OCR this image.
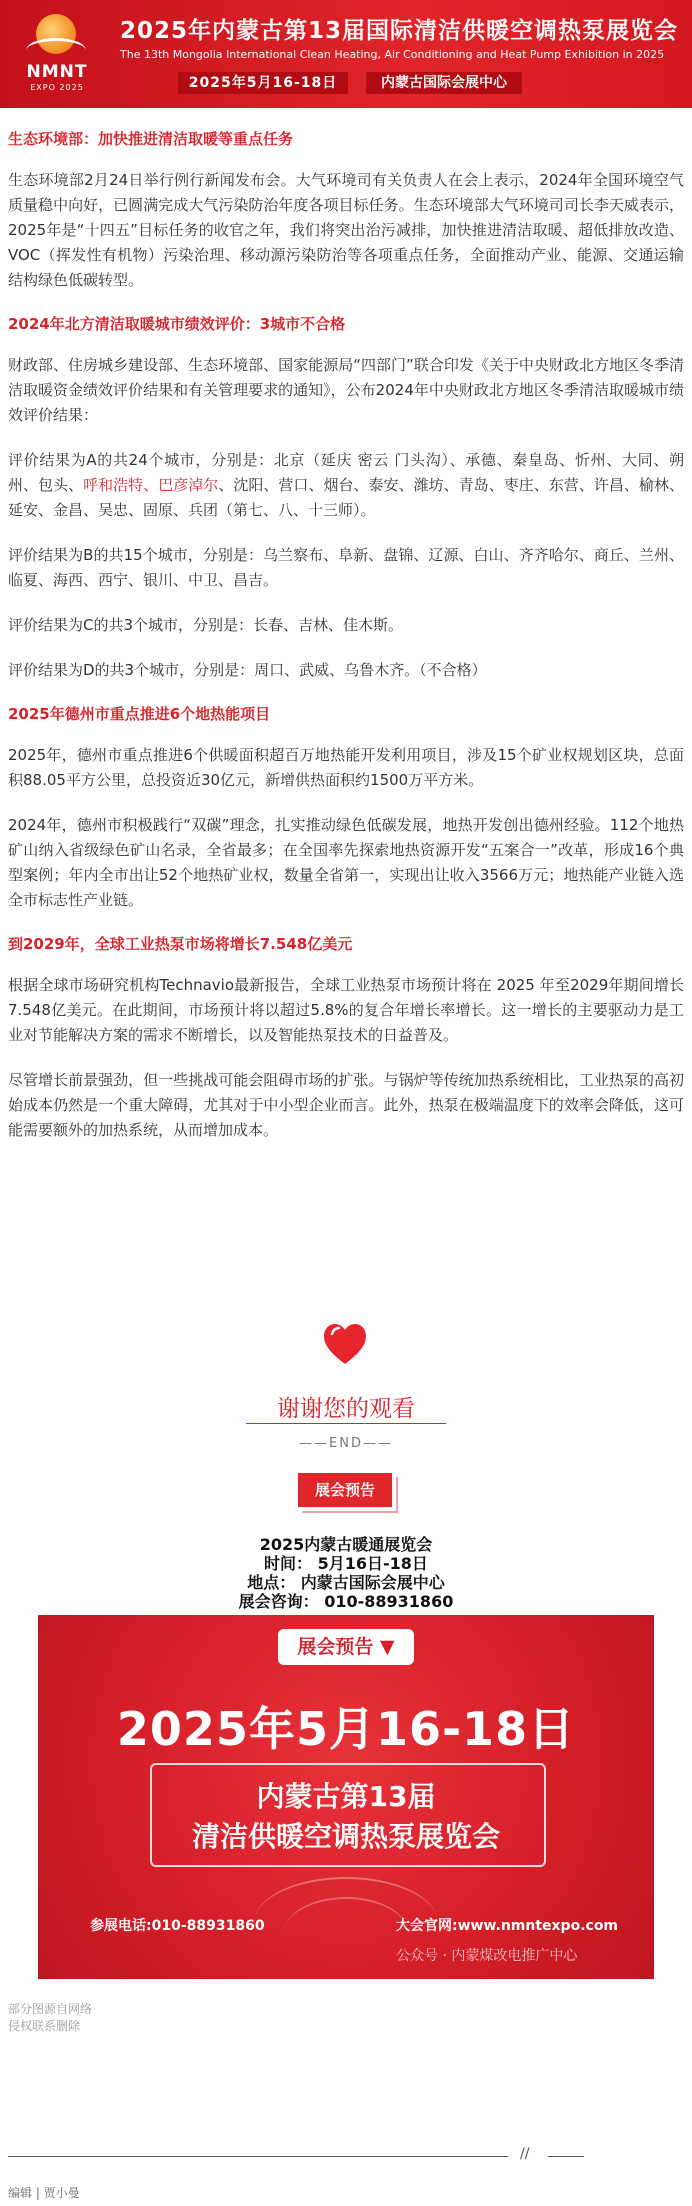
NMNT
EXPO 2025
2025年内蒙古第13届国际清洁供暖空调热泵展览会
The 13th Mongolia International Clean Heating, Air Conditioning and Heat Pump Exhibition in 2025
2025年5月16-18日	内蒙古国际会展中心

生态环境部：加快推进清洁取暖等重点任务

生态环境部2月24日举行例行新闻发布会。大气环境司有关负责人在会上表示，2024年全国环境空气质量稳中向好，已圆满完成大气污染防治年度各项目标任务。生态环境部大气环境司司长李天威表示，2025年是“十四五”目标任务的收官之年，我们将突出治污减排，加快推进清洁取暖、超低排放改造、VOC（挥发性有机物）污染治理、移动源污染防治等各项重点任务，全面推动产业、能源、交通运输结构绿色低碳转型。

2024年北方清洁取暖城市绩效评价：3城市不合格

财政部、住房城乡建设部、生态环境部、国家能源局“四部门”联合印发《关于中央财政北方地区冬季清洁取暖资金绩效评价结果和有关管理要求的通知》，公布2024年中央财政北方地区冬季清洁取暖城市绩效评价结果：

评价结果为A的共24个城市，分别是：北京（延庆 密云 门头沟）、承德、秦皇岛、忻州、大同、朔州、包头、呼和浩特、巴彦淖尔、沈阳、营口、烟台、泰安、潍坊、青岛、枣庄、东营、许昌、榆林、延安、金昌、吴忠、固原、兵团（第七、八、十三师）。

评价结果为B的共15个城市，分别是：乌兰察布、阜新、盘锦、辽源、白山、齐齐哈尔、商丘、兰州、临夏、海西、西宁、银川、中卫、昌吉。

评价结果为C的共3个城市，分别是：长春、吉林、佳木斯。

评价结果为D的共3个城市，分别是：周口、武威、乌鲁木齐。（不合格）

2025年德州市重点推进6个地热能项目

2025年，德州市重点推进6个供暖面积超百万地热能开发利用项目，涉及15个矿业权规划区块，总面积88.05平方公里，总投资近30亿元，新增供热面积约1500万平方米。

2024年，德州市积极践行“双碳”理念，扎实推动绿色低碳发展，地热开发创出德州经验。112个地热矿山纳入省级绿色矿山名录，全省最多；在全国率先探索地热资源开发“五案合一”改革，形成16个典型案例；年内全市出让52个地热矿业权，数量全省第一，实现出让收入3566万元；地热能产业链入选全市标志性产业链。

到2029年，全球工业热泵市场将增长7.548亿美元

根据全球市场研究机构Technavio最新报告，全球工业热泵市场预计将在 2025 年至2029年期间增长7.548亿美元。在此期间，市场预计将以超过5.8%的复合年增长率增长。这一增长的主要驱动力是工业对节能解决方案的需求不断增长，以及智能热泵技术的日益普及。

尽管增长前景强劲，但一些挑战可能会阻碍市场的扩张。与锅炉等传统加热系统相比，工业热泵的高初始成本仍然是一个重大障碍，尤其对于中小型企业而言。此外，热泵在极端温度下的效率会降低，这可能需要额外的加热系统，从而增加成本。

谢谢您的观看
——END——
展会预告
2025内蒙古暖通展览会
时间： 5月16日-18日
地点： 内蒙古国际会展中心
展会咨询： 010-88931860
展会预告 ▼
2025年5月16-18日
内蒙古第13届
清洁供暖空调热泵展览会
参展电话:010-88931860	大会官网:www.nmntexpo.com
公众号 · 内蒙煤改电推广中心
部分图源自网络
侵权联系删除
//
编辑 | 贾小曼
